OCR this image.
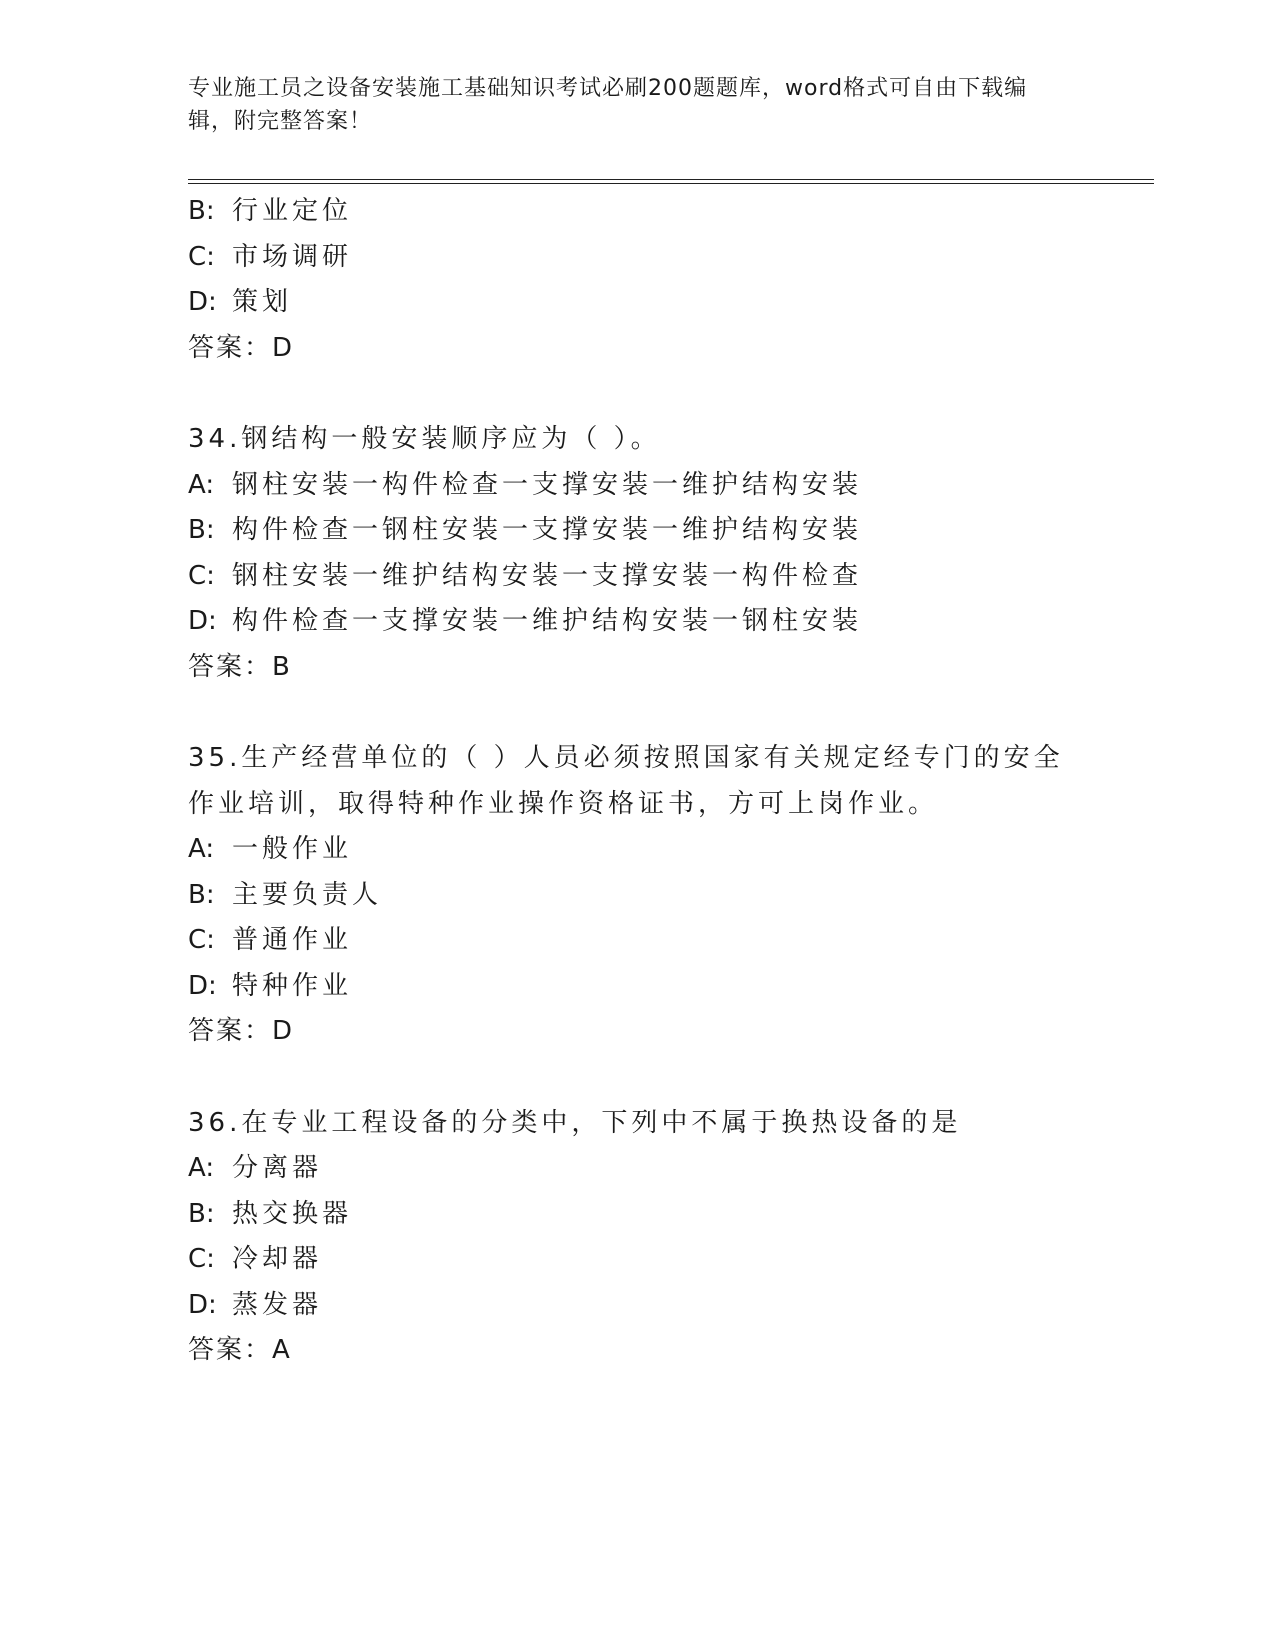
专业施工员之设备安装施工基础知识考试必刷200题题库，word格式可自由下载编辑，附完整答案！

B: 行业定位
C: 市场调研
D: 策划
答案：D
34.钢结构一般安装顺序应为（ ）。
A: 钢柱安装一构件检查一支撑安装一维护结构安装
B: 构件检查一钢柱安装一支撑安装一维护结构安装
C: 钢柱安装一维护结构安装一支撑安装一构件检查
D: 构件检查一支撑安装一维护结构安装一钢柱安装
答案：B
35.生产经营单位的（ ）人员必须按照国家有关规定经专门的安全作业培训，取得特种作业操作资格证书，方可上岗作业。
A: 一般作业
B: 主要负责人
C: 普通作业
D: 特种作业
答案：D
36.在专业工程设备的分类中，下列中不属于换热设备的是
A: 分离器
B: 热交换器
C: 冷却器
D: 蒸发器
答案：A
